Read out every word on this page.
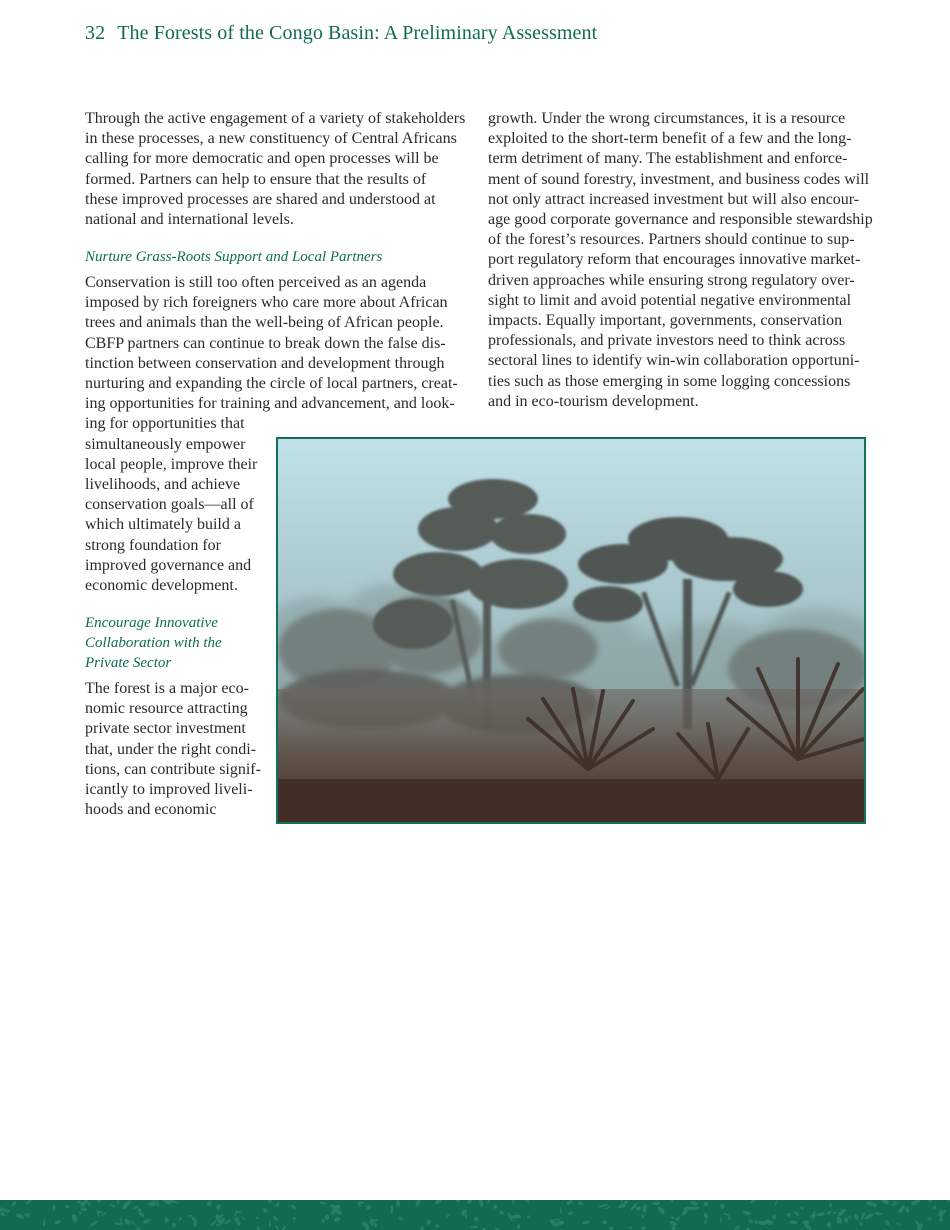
32 The Forests of the Congo Basin: A Preliminary Assessment

Through the active engagement of a variety of stakeholders
in these processes, a new constituency of Central Africans
calling for more democratic and open processes will be
formed. Partners can help to ensure that the results of
these improved processes are shared and understood at
national and international levels.

Nurture Grass-Roots Support and Local Partners

Conservation is still too often perceived as an agenda
imposed by rich foreigners who care more about African
trees and animals than the well-being of African people.
CBFP partners can continue to break down the false dis-
tinction between conservation and development through
nurturing and expanding the circle of local partners, creat-
ing opportunities for training and advancement, and look-
ing for opportunities that
simultaneously empower
local people, improve their
livelihoods, and achieve
conservation goals—all of
which ultimately build a
strong foundation for
improved governance and
economic development.

Encourage Innovative
Collaboration with the
Private Sector

The forest is a major eco-
nomic resource attracting
private sector investment
that, under the right condi-
tions, can contribute signif-
icantly to improved liveli-
hoods and economic

growth. Under the wrong circumstances, it is a resource
exploited to the short-term benefit of a few and the long-
term detriment of many. The establishment and enforce-
ment of sound forestry, investment, and business codes will
not only attract increased investment but will also encour-
age good corporate governance and responsible stewardship
of the forest’s resources. Partners should continue to sup-
port regulatory reform that encourages innovative market-
driven approaches while ensuring strong regulatory over-
sight to limit and avoid potential negative environmental
impacts. Equally important, governments, conservation
professionals, and private investors need to think across
sectoral lines to identify win-win collaboration opportuni-
ties such as those emerging in some logging concessions
and in eco-tourism development.
